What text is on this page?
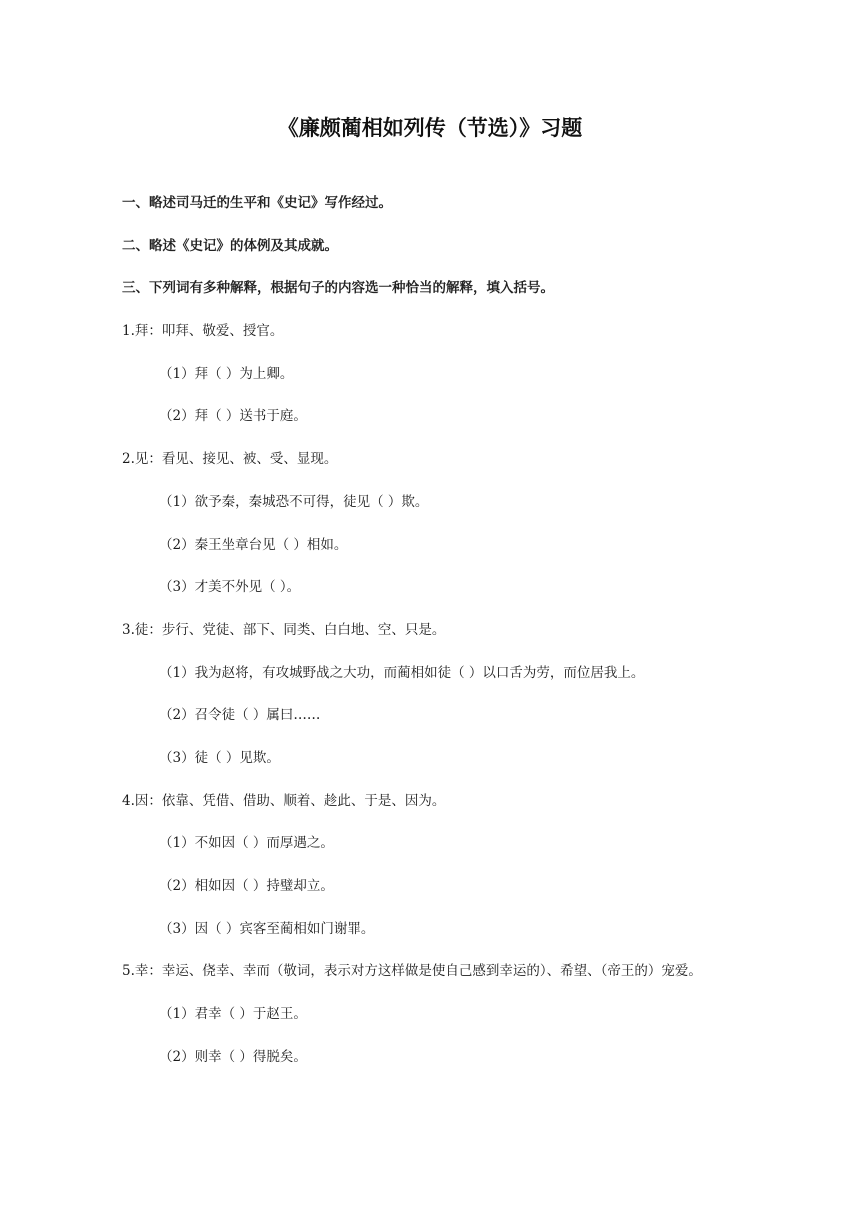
《廉颇蔺相如列传（节选）》习题
一、略述司马迁的生平和《史记》写作经过。
二、略述《史记》的体例及其成就。
三、下列词有多种解释，根据句子的内容选一种恰当的解释，填入括号。
1.拜：叩拜、敬爱、授官。
（1）拜（ ）为上卿。
（2）拜（ ）送书于庭。
2.见：看见、接见、被、受、显现。
（1）欲予秦，秦城恐不可得，徒见（ ）欺。
（2）秦王坐章台见（ ）相如。
（3）才美不外见（ ）。
3.徒：步行、党徒、部下、同类、白白地、空、只是。
（1）我为赵将，有攻城野战之大功，而蔺相如徒（ ）以口舌为劳，而位居我上。
（2）召令徒（ ）属曰……
（3）徒（ ）见欺。
4.因：依靠、凭借、借助、顺着、趁此、于是、因为。
（1）不如因（ ）而厚遇之。
（2）相如因（ ）持璧却立。
（3）因（ ）宾客至蔺相如门谢罪。
5.幸：幸运、侥幸、幸而（敬词，表示对方这样做是使自己感到幸运的）、希望、（帝王的）宠爱。
（1）君幸（ ）于赵王。
（2）则幸（ ）得脱矣。
